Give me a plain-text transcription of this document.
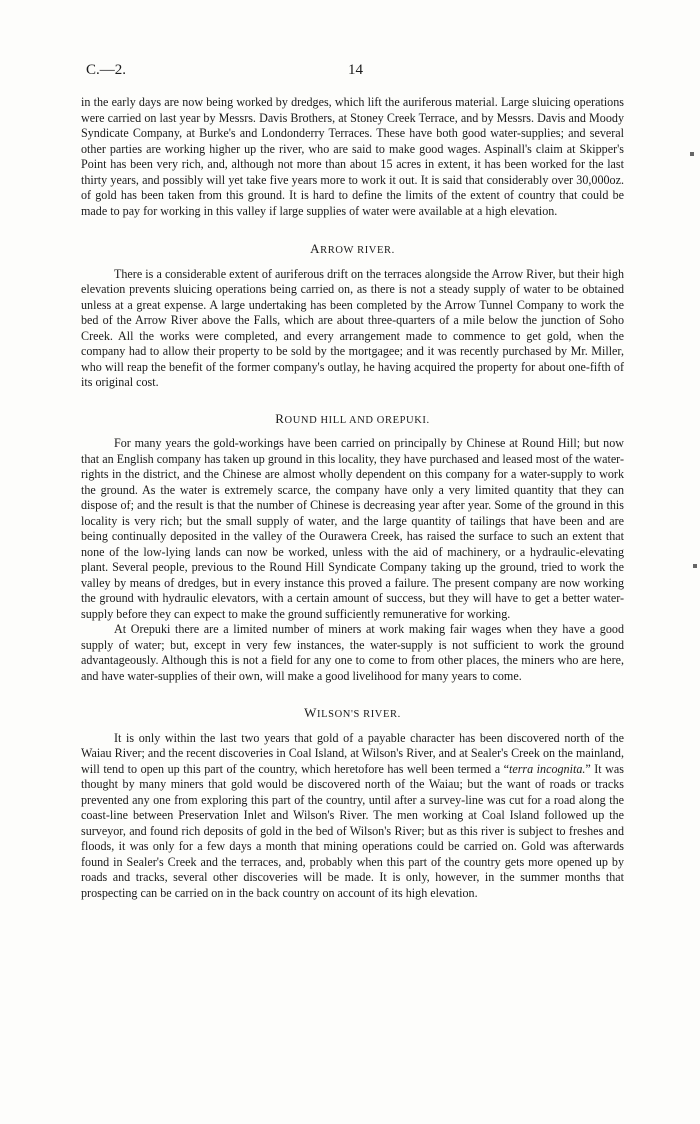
C.—2.	14

in the early days are now being worked by dredges, which lift the auriferous material. Large sluicing operations were carried on last year by Messrs. Davis Brothers, at Stoney Creek Terrace, and by Messrs. Davis and Moody Syndicate Company, at Burke's and Londonderry Terraces. These have both good water-supplies; and several other parties are working higher up the river, who are said to make good wages. Aspinall's claim at Skipper's Point has been very rich, and, although not more than about 15 acres in extent, it has been worked for the last thirty years, and possibly will yet take five years more to work it out. It is said that considerably over 30,000oz. of gold has been taken from this ground. It is hard to define the limits of the extent of country that could be made to pay for working in this valley if large supplies of water were available at a high elevation.

ARROW RIVER.

There is a considerable extent of auriferous drift on the terraces alongside the Arrow River, but their high elevation prevents sluicing operations being carried on, as there is not a steady supply of water to be obtained unless at a great expense. A large undertaking has been completed by the Arrow Tunnel Company to work the bed of the Arrow River above the Falls, which are about three-quarters of a mile below the junction of Soho Creek. All the works were completed, and every arrangement made to commence to get gold, when the company had to allow their property to be sold by the mortgagee; and it was recently purchased by Mr. Miller, who will reap the benefit of the former company's outlay, he having acquired the property for about one-fifth of its original cost.

ROUND HILL AND OREPUKI.

For many years the gold-workings have been carried on principally by Chinese at Round Hill; but now that an English company has taken up ground in this locality, they have purchased and leased most of the water-rights in the district, and the Chinese are almost wholly dependent on this company for a water-supply to work the ground. As the water is extremely scarce, the company have only a very limited quantity that they can dispose of; and the result is that the number of Chinese is decreasing year after year. Some of the ground in this locality is very rich; but the small supply of water, and the large quantity of tailings that have been and are being continually deposited in the valley of the Ourawera Creek, has raised the surface to such an extent that none of the low-lying lands can now be worked, unless with the aid of machinery, or a hydraulic-elevating plant. Several people, previous to the Round Hill Syndicate Company taking up the ground, tried to work the valley by means of dredges, but in every instance this proved a failure. The present company are now working the ground with hydraulic elevators, with a certain amount of success, but they will have to get a better water-supply before they can expect to make the ground sufficiently remunerative for working.

At Orepuki there are a limited number of miners at work making fair wages when they have a good supply of water; but, except in very few instances, the water-supply is not sufficient to work the ground advantageously. Although this is not a field for any one to come to from other places, the miners who are here, and have water-supplies of their own, will make a good livelihood for many years to come.

WILSON'S RIVER.

It is only within the last two years that gold of a payable character has been discovered north of the Waiau River; and the recent discoveries in Coal Island, at Wilson's River, and at Sealer's Creek on the mainland, will tend to open up this part of the country, which heretofore has well been termed a “terra incognita.” It was thought by many miners that gold would be discovered north of the Waiau; but the want of roads or tracks prevented any one from exploring this part of the country, until after a survey-line was cut for a road along the coast-line between Preservation Inlet and Wilson's River. The men working at Coal Island followed up the surveyor, and found rich deposits of gold in the bed of Wilson's River; but as this river is subject to freshes and floods, it was only for a few days a month that mining operations could be carried on. Gold was afterwards found in Sealer's Creek and the terraces, and, probably when this part of the country gets more opened up by roads and tracks, several other discoveries will be made. It is only, however, in the summer months that prospecting can be carried on in the back country on account of its high elevation.
